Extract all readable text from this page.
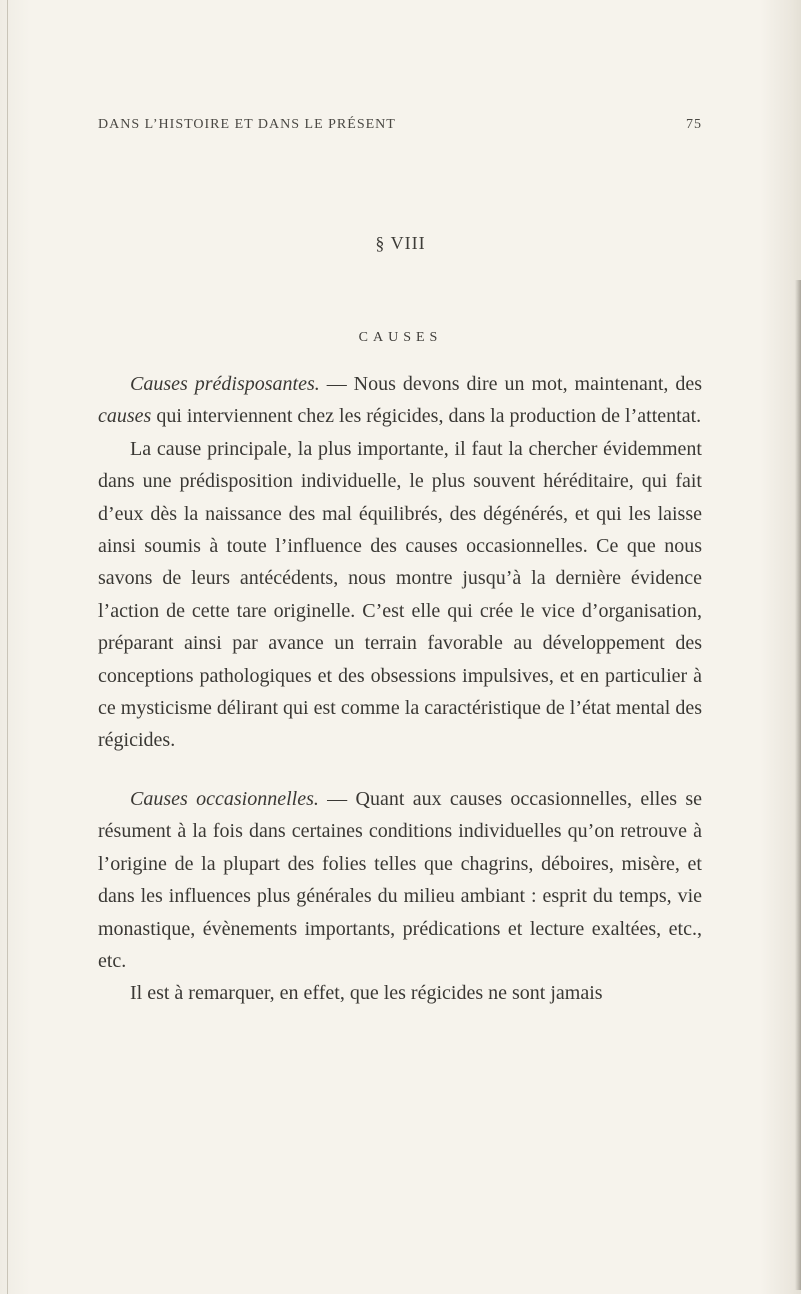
DANS L’HISTOIRE ET DANS LE PRÉSENT	75
§ VIII
CAUSES

Causes prédisposantes. — Nous devons dire un mot, maintenant, des causes qui interviennent chez les régicides, dans la production de l’attentat.

La cause principale, la plus importante, il faut la chercher évidemment dans une prédisposition individuelle, le plus souvent héréditaire, qui fait d’eux dès la naissance des mal équilibrés, des dégénérés, et qui les laisse ainsi soumis à toute l’influence des causes occasionnelles. Ce que nous savons de leurs antécédents, nous montre jusqu’à la dernière évidence l’action de cette tare originelle. C’est elle qui crée le vice d’organisation, préparant ainsi par avance un terrain favorable au développement des conceptions pathologiques et des obsessions impulsives, et en particulier à ce mysticisme délirant qui est comme la caractéristique de l’état mental des régicides.

Causes occasionnelles. — Quant aux causes occasionnelles, elles se résument à la fois dans certaines conditions individuelles qu’on retrouve à l’origine de la plupart des folies telles que chagrins, déboires, misère, et dans les influences plus générales du milieu ambiant : esprit du temps, vie monastique, évènements importants, prédications et lecture exaltées, etc., etc.

Il est à remarquer, en effet, que les régicides ne sont jamais
